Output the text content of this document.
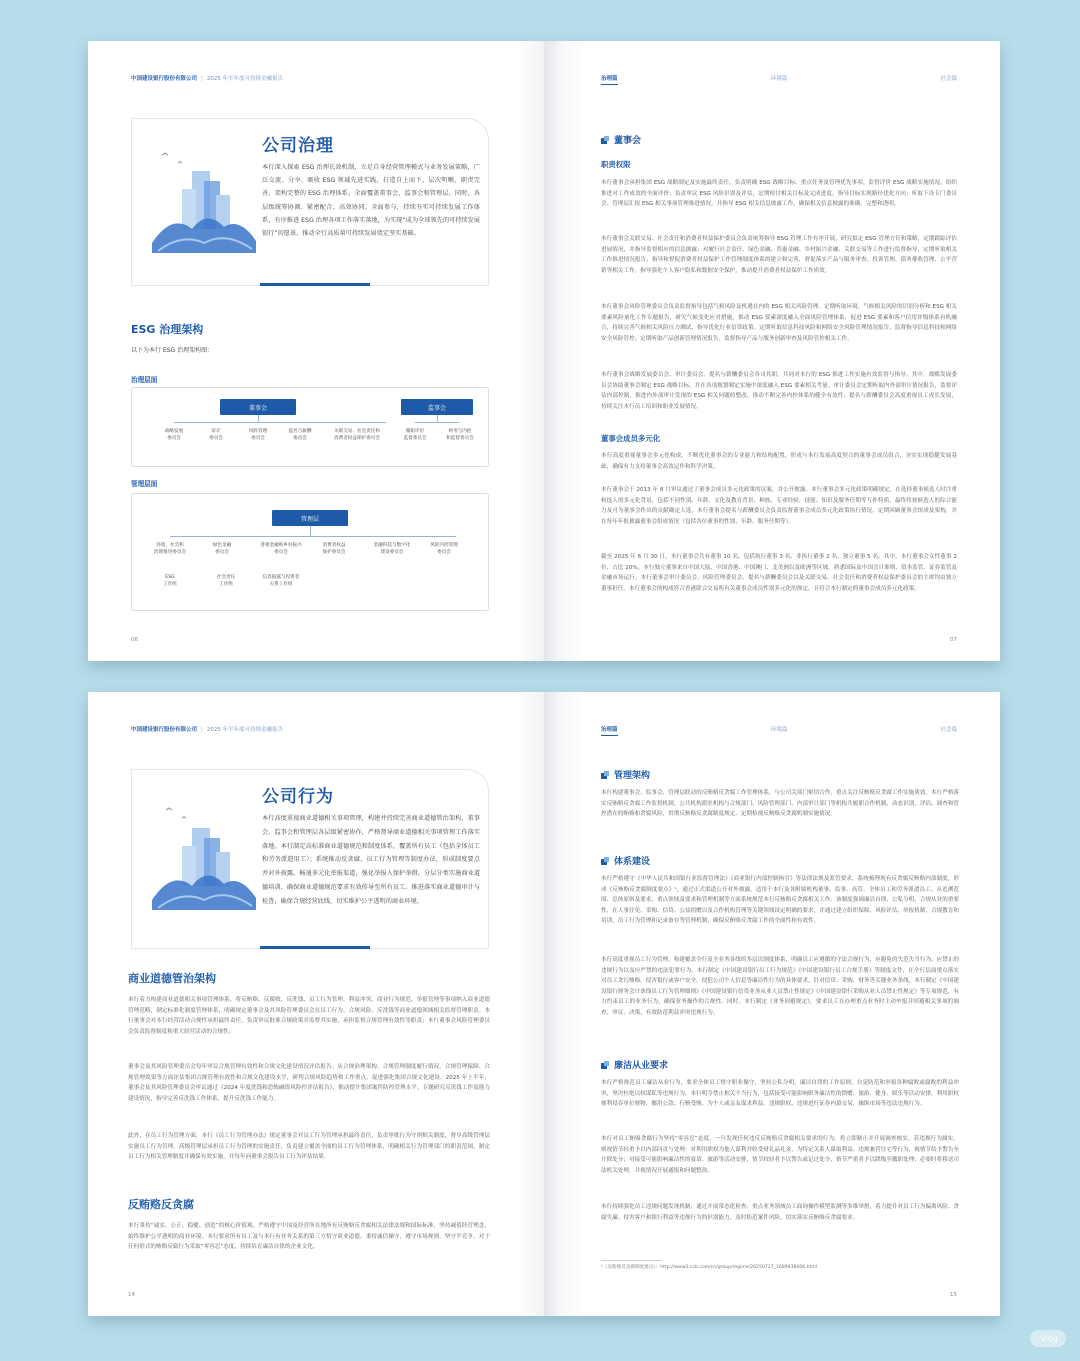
中国建设银行股份有限公司 | 2025 年半年度可持续金融报告
公司治理

本行深入探索 ESG 治理长效机制，立足自身经营管理模式与业务发展策略，广泛交流、分享、吸收 ESG 领域先进实践，打造自上而下、层次明晰、职责完善、架构完整的 ESG 治理体系，全面覆盖董事会、监事会和管理层。同时，各层级统筹协调、紧密配合、高效协同、全面参与，持续夯实可持续发展工作体系，有序推进 ESG 治理各项工作落实落地，为实现“成为全球领先的可持续发展银行”的愿景、推动全行高质量可持续发展奠定坚实基础。

ESG 治理架构
以下为本行 ESG 治理架构图：
治理层面
董事会	监事会
战略发展
委员会
审计
委员会
风险管理
委员会
提名与薪酬
委员会
关联交易、社会责任和
消费者权益保护委员会
履职评价
监督委员会
财务与内控
和监督委员会
管理层面
管理层
环境、社会和
治理推进委员会
绿色金融
委员会
普惠金融和乡村振兴
委员会
消费者权益
保护委员会
金融科技与数字化
建设委员会
风险内控管理
委员会
ESG
工作组
社会责任
工作组
信息披露与投资者
关系工作组
06
治理篇	环境篇	社会篇
董事会
职责权限
本行董事会承担集团 ESG 战略制定及实施最终责任，负责明确 ESG 战略目标、重点任务及管理优先事项。监督评价 ESG 战略实施情况，组织推进对工作成效的全面评价；负责审议 ESG 风险识别及评估，定期检讨相关目标及完成进度，指导目标实现路径优化方向；听取下设专门委员会、管理层汇报 ESG 相关事项管理推进情况，并指导 ESG 相关信息披露工作，确保相关信息披露的准确、完整和透明。
本行董事会关联交易、社会责任和消费者权益保护委员会负责统筹指导 ESG 管理工作有序开展，研究拟定 ESG 管理方针和策略，定期跟踪评估进展情况，并指导监督相应的信息披露；对履行社会责任、绿色金融、普惠金融、乡村振兴金融、关联交易等工作进行监督指导，定期听取相关工作推进情况报告；指导和督促消费者权益保护工作管理制度体系的建立和完善，督促落实产品与服务审查、投诉管理、债务催收管理、公平营销等相关工作，指导强化个人客户隐私和数据安全保护，推动提升消费者权益保护工作质效。
本行董事会风险管理委员会负责监督指导包括气候风险及机遇在内的 ESG 相关风险管理。定期听取环境、气候相关风险的识别分析和 ESG 相关要素风险量化工作专题报告，研究气候变化应对措施，推动 ESG 要素深度融入全面风险管理体系，促进 ESG 要素和客户信用评级体系有机融合，持续完善气候相关风险压力测试，指导优化行业信贷政策。定期听取信息科技风险和网络安全风险管理情况报告，监督指导信息科技和网络安全风险管控；定期听取产品创新管理情况报告，监督指导产品与服务创新审查及风险管控相关工作。
本行董事会战略发展委员会、审计委员会、提名与薪酬委员会各司其职，共同对本行的 ESG 推进工作实施有效监督与指导。其中，战略发展委员会协助董事会制定 ESG 战略目标，并在各项规划制定实施中深度融入 ESG 要素相关考量。审计委员会定期听取内外部审计情况报告，监督评估内部控制，推进内外部审计发现的 ESG 相关问题的整改，推动不断完善内控体系的健全有效性；提名与薪酬委员会高度重视员工成长发展，持续关注本行员工培训和职业发展情况。
董事会成员多元化
本行高度重视董事会多元化构成，不断优化董事会的专业能力和结构配置，形成与本行发展高度契合的董事会成员组合，夯实实现稳健发展基础，确保有力支持董事会高效运作和科学决策。
本行董事会于 2013 年 8 月审议通过了董事会成员多元化政策的议案，并公开披露。本行董事会多元化政策明确规定，在选择董事候选人时注重候选人的多元化背景，包括不同性别、年龄、文化及教育背景、种族、专业经验、技能、知识及服务任期等互补特质，最终将按候选人的综合能力及可为董事会作出的贡献确定人选。本行董事会提名与薪酬委员会负责监督董事会成员多元化政策执行情况，定期回顾董事会组成及架构，并在每年年报披露董事会组成情况（包括各位董事的性别、年龄、服务任期等）。
截至 2025 年 6 月 30 日，本行董事会共有董事 10 名，包括执行董事 3 名、非执行董事 2 名、独立董事 5 名。其中，本行董事会女性董事 2 位，占比 20%。本行独立董事来自中国大陆、中国香港、中国澳门、北美洲以及欧洲等区域，熟悉国际及中国会计准则、资本监管、证券监管及金融市场运行。本行董事会审计委员会、风险管理委员会、提名与薪酬委员会以及关联交易、社会责任和消费者权益保护委员会的主席均由独立董事担任。本行董事会的构成符合香港联合交易所有关董事会成员性别多元化的规定，且符合本行制定的董事会成员多元化政策。
07
中国建设银行股份有限公司 | 2025 年半年度可持续金融报告
公司行为

本行高度重视商业道德相关事项管理，构建并持续完善商业道德管治架构，董事会、监事会和管理层各层级紧密协作，严格督导商业道德相关事项管理工作落实落地。本行制定高标准商业道德规范和制度体系，覆盖所有员工（包括全体员工和劳务派遣用工）；系统推动反贪腐、员工行为管理等制度办法，形成制度要点并对外披露。畅通多元化举报渠道，强化举报人保护举措，分层分类实施商业道德培训，确保商业道德规范要求有效传导至所有员工。推进落实商业道德审计与检查，确保合规经营底线，切实维护公平透明的商业环境。

商业道德管治架构
本行着力构建商业道德相关事项管理体系，将反贿赂、反腐败、反洗钱、员工行为管理、利益冲突、商业行为规范、举报管理等事项纳入商业道德管理范畴，制定标准化制度管理体系，明确规定董事会及其风险管理委员会在员工行为、合规风险、反洗钱等商业道德领域相关监督管理职责。本行董事会对本行经营活动合规性承担最终责任，负责审议批准合规政策并监督其实施，承担监督合规管理有效性等职责；本行董事会风险管理委员会负责监督制度和重大经营活动的合规性。
董事会及其风险管理委员会每年审议合规管理有效性和合规文化建设情况评估报告。从合规治理架构、合规管理制度履行情况、合规管理保障、合规管理效果等方面评估集团合规管理有效性和合规文化建设水平，研判合规风险趋势和工作重点，促进强化集团合规文化建设。2025 年上半年，董事会及其风险管理委员会审议通过《2024 年度洗钱和恐怖融资风险控评估报告》，推动提升集团案件防控管理水平；专题研究反洗钱工作及能力建设情况，指导完善反洗钱工作体系，提升反洗钱工作能力。
此外，在员工行为管理方面，本行《员工行为管理办法》规定董事会对员工行为管理承担最终责任，负责审批行为守则相关制度，督导高级管理层实施员工行为管理。高级管理层承担员工行为管理的实施责任，负责建立覆盖全面的员工行为管理体系，明确相关行为管理部门的职责范围，制定员工行为相关管理制度并确保有效实施，并每年向董事会报告员工行为评估结果。
反贿赂反贪腐
本行秉持“诚实、公正、稳健、创造”的核心价值观，严格遵守中国及经营所在地所有反贿赂反贪腐相关法律法规和国际标准，坚持减值经营理念，始终维护公平透明的商业环境。本行要求所有员工及与本行有业务关系的第三方恪守商业道德，秉持诚信操守，遵守市场规则，坚守平竞争，对于任何形式的贿赂反腐行为采取“零容忍”态度，持续培育廉洁自律的企业文化。
14
治理篇	环境篇	社会篇
管理架构
本行构建董事会、监事会、管理层联动的反贿赂反贪腐工作管理体系，与公司关部门密切合作，重点关注反贿赂反贪腐工作实施质效。本行严格落实反贿赂反贪腐工作监督机制，公共机构派驻机构与合规部门、风险管理部门、内部审计部门等机构共履职合作机制，动态识别、评估、调查和管控潜在的贿赂和贪腐风险，贯彻反贿赂反贪腐制度规定、定期检视反贿赂反贪腐机制实施情况。
体系建设
本行严格遵守《中华人民共和国银行业监督管理法》《商业银行内部控制指引》等法律法规及监管要求，系统梳理现有反贪腐反贿赂内部制度，形成《反贿赂反贪腐制度要点》¹，通过正式渠道公开对外披露，适用于本行及各附属机构董事、监事、高管、全体员工和劳务派遣员工，从追溯范围、总体原则及要求、重点领域及要求和管理机制等方面系统规范本行反贿赂反贪腐相关工作。该制度强调廉洁自律、公私分明、合规从业的重要性，在人事任免、采购、信贷、公益捐赠以及合作机构管理等关键领域设定明确的要求，并通过建立组织保障、风险评估、举报机制、合规教育和培训、员工行为管理和记录备存等管理机制，确保反贿赂反贪腐工作的全面性和有效性。
本行高度重视员工行为管理，构建覆盖全行及全业务各线的多层次制度体系，明确员工应遵循的守法合规行为、应避免的失范失当行为、应禁止的违规行为以及应严禁的违法犯罪行为。本行制定《中国建设银行员工行为规范》《中国建设银行员工合规手册》等制度文件，在全行层面重点落实对员工贪污贿赂、侵害银行或客户安全、侵犯公司个人信息等廉洁性行为的具体要求。针对信贷、采购、财务等关键业务条线，本行制定《中国建设银行财务会计条线员工行为管理细则》《中国建设银行信贷业务从业人员禁止性规定》《中国建设银行采购从业人员禁止性规定》等专项规范，有力约束员工的业务行为，确保业务操作的合规性。同时，本行制定《业务回避规定》，要求员工在办理重点业务时主动申报并回避相关事项的调查、审议、决策，有效防范利益冲突违规行为。
廉洁从业要求
本行严格规范员工廉洁从业行为，要求全体员工恪守职业操守，坚持公私分明，廉洁自律的工作原则，自觉防范和举报各种腐败或腐败的利益冲突，坚决杜绝以权谋私等违规行为。本行明令禁止相关不当行为，包括接受可能影响职务廉洁性的馈赠、旅游、健身、娱乐等活动安排，利用职权便利侵吞单位财物、挪用公款、行贿受贿、为个人或亲友谋求利益、违规职权、违规进行证券内幕交易，操纵市场等违法违规行为。
本行对员工贿赂贪腐行为坚持“零容忍”态度，一旦发现任何违反反贿赂反贪腐相关要求的行为，将立即制止并开展调查核实。若违规行为属实，则视情节轻重予以内部问责与处理：对利用职权为他人谋利并收受财礼品礼金、为特定关系人谋取利益、违规兼营住宅等行为，视情节给予警告至开除处分；对接受可能影响廉洁性的宴请、旅游等活动安排，情节较轻者予以警告或记过处分，情节严重者予以降级至撤职处理；必要时将移送司法机关处理，并视情况开展通报和问题整改。
本行持续强化员工违规问题发现机制，通过开展常态化检查、重点业务领域员工面询操作模型监测等多维举措，着力提升对员工行为偏离风险、贪腐失廉、侵害客户和银行利益等违规行为的识别能力，及时防范案件风险，切实落实反贿赂反贪腐要求。
¹《反贿赂反贪腐制度要点》：http://www2.ccb.com/cn/group/regime/20250727_1689438606.html
15
·vlog
